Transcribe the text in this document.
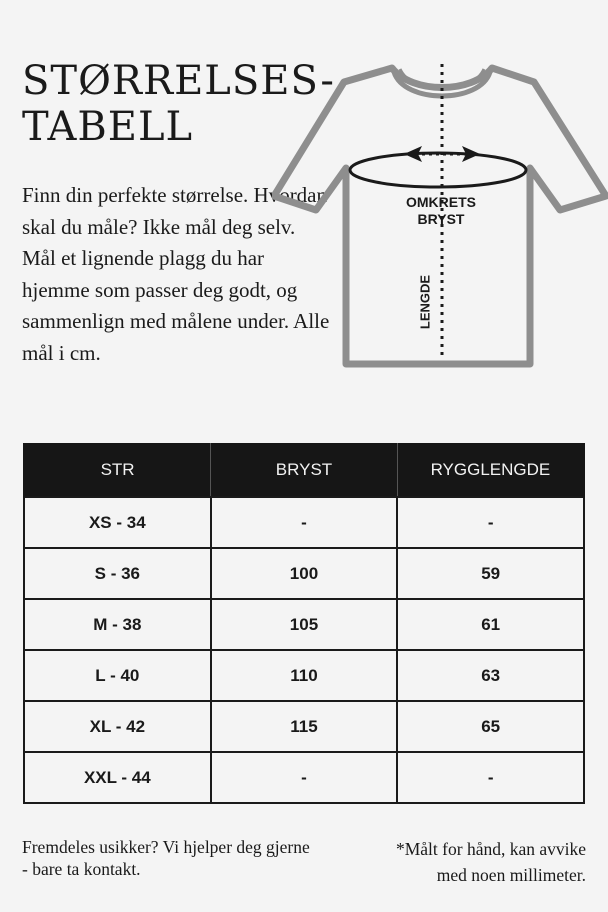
STØRRELSES-
TABELL

Finn din perfekte størrelse. Hvordan skal du måle? Ikke mål deg selv. Mål et lignende plagg du har hjemme som passer deg godt, og sammenlign med målene under. Alle mål i cm.

OMKRETS
BRYST
LENGDE
STR	BRYST	RYGGLENGDE
XS - 34	-	-
S - 36	100	59
M - 38	105	61
L - 40	110	63
XL - 42	115	65
XXL - 44	-	-
Fremdeles usikker? Vi hjelper deg gjerne - bare ta kontakt.
*Målt for hånd, kan avvike
med noen millimeter.
